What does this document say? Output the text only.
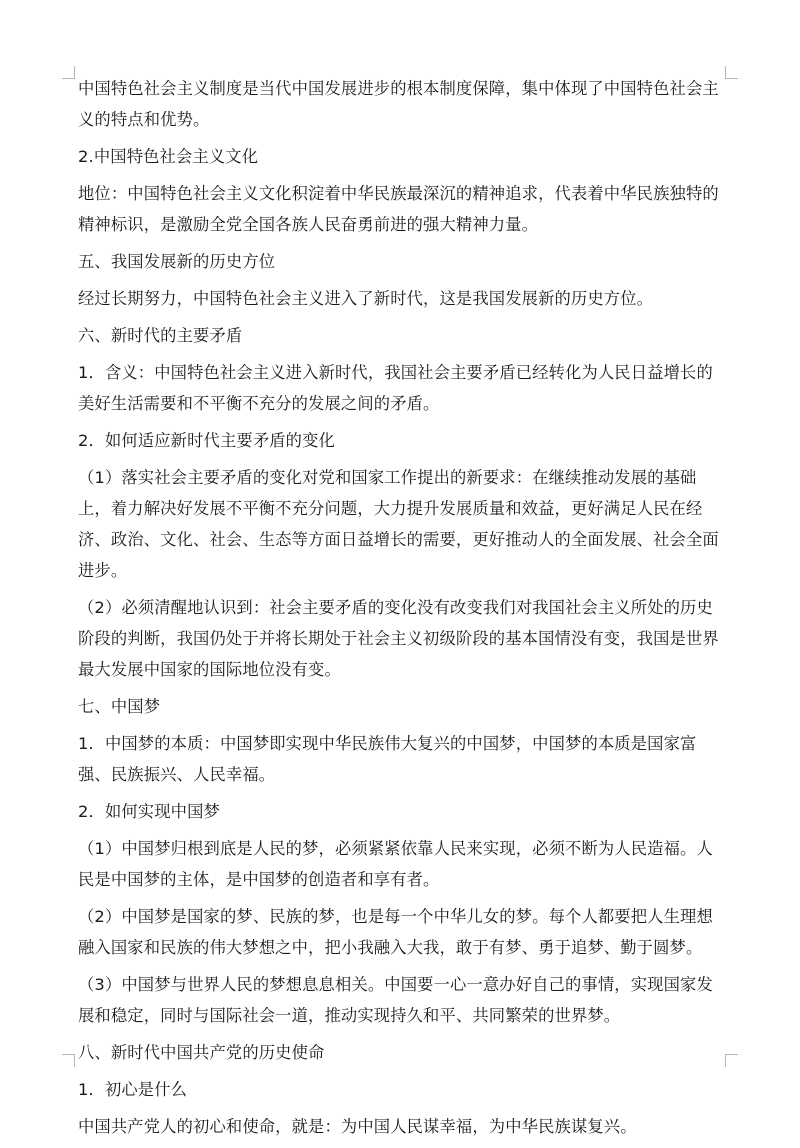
中国特色社会主义制度是当代中国发展进步的根本制度保障，集中体现了中国特色社会主义的特点和优势。

2.中国特色社会主义文化

地位：中国特色社会主义文化积淀着中华民族最深沉的精神追求，代表着中华民族独特的精神标识，是激励全党全国各族人民奋勇前进的强大精神力量。

五、我国发展新的历史方位

经过长期努力，中国特色社会主义进入了新时代，这是我国发展新的历史方位。

六、新时代的主要矛盾

1．含义：中国特色社会主义进入新时代，我国社会主要矛盾已经转化为人民日益增长的美好生活需要和不平衡不充分的发展之间的矛盾。

2．如何适应新时代主要矛盾的变化

（1）落实社会主要矛盾的变化对党和国家工作提出的新要求：在继续推动发展的基础上，着力解决好发展不平衡不充分问题，大力提升发展质量和效益，更好满足人民在经济、政治、文化、社会、生态等方面日益增长的需要，更好推动人的全面发展、社会全面进步。

（2）必须清醒地认识到：社会主要矛盾的变化没有改变我们对我国社会主义所处的历史阶段的判断，我国仍处于并将长期处于社会主义初级阶段的基本国情没有变，我国是世界最大发展中国家的国际地位没有变。

七、中国梦

1．中国梦的本质：中国梦即实现中华民族伟大复兴的中国梦，中国梦的本质是国家富强、民族振兴、人民幸福。

2．如何实现中国梦

（1）中国梦归根到底是人民的梦，必须紧紧依靠人民来实现，必须不断为人民造福。人民是中国梦的主体，是中国梦的创造者和享有者。

（2）中国梦是国家的梦、民族的梦，也是每一个中华儿女的梦。每个人都要把人生理想融入国家和民族的伟大梦想之中，把小我融入大我，敢于有梦、勇于追梦、勤于圆梦。

（3）中国梦与世界人民的梦想息息相关。中国要一心一意办好自己的事情，实现国家发展和稳定，同时与国际社会一道，推动实现持久和平、共同繁荣的世界梦。

八、新时代中国共产党的历史使命

1．初心是什么

中国共产党人的初心和使命，就是：为中国人民谋幸福，为中华民族谋复兴。
